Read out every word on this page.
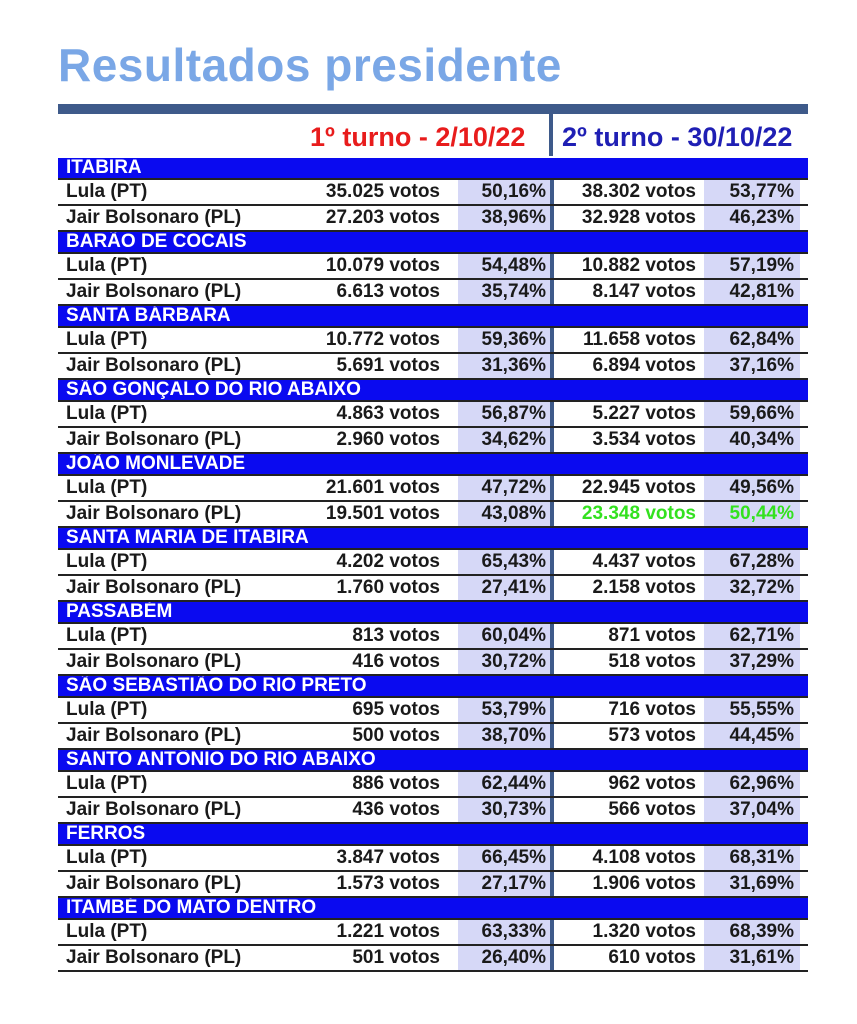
Resultados presidente
1º turno - 2/10/22 2º turno - 30/10/22
ITABIRA
Lula (PT)	35.025 votos	50,16%	38.302 votos	53,77%
Jair Bolsonaro (PL)	27.203 votos	38,96%	32.928 votos	46,23%
BARÃO DE COCAIS
Lula (PT)	10.079 votos	54,48%	10.882 votos	57,19%
Jair Bolsonaro (PL)	6.613 votos	35,74%	8.147 votos	42,81%
SANTA BÁRBARA
Lula (PT)	10.772 votos	59,36%	11.658 votos	62,84%
Jair Bolsonaro (PL)	5.691 votos	31,36%	6.894 votos	37,16%
SÃO GONÇALO DO RIO ABAIXO
Lula (PT)	4.863 votos	56,87%	5.227 votos	59,66%
Jair Bolsonaro (PL)	2.960 votos	34,62%	3.534 votos	40,34%
JOÃO MONLEVADE
Lula (PT)	21.601 votos	47,72%	22.945 votos	49,56%
Jair Bolsonaro (PL)	19.501 votos	43,08%	23.348 votos	50,44%
SANTA MARIA DE ITABIRA
Lula (PT)	4.202 votos	65,43%	4.437 votos	67,28%
Jair Bolsonaro (PL)	1.760 votos	27,41%	2.158 votos	32,72%
PASSABÉM
Lula (PT)	813 votos	60,04%	871 votos	62,71%
Jair Bolsonaro (PL)	416 votos	30,72%	518 votos	37,29%
SÃO SEBASTIÃO DO RIO PRETO
Lula (PT)	695 votos	53,79%	716 votos	55,55%
Jair Bolsonaro (PL)	500 votos	38,70%	573 votos	44,45%
SANTO ANTÔNIO DO RIO ABAIXO
Lula (PT)	886 votos	62,44%	962 votos	62,96%
Jair Bolsonaro (PL)	436 votos	30,73%	566 votos	37,04%
FERROS
Lula (PT)	3.847 votos	66,45%	4.108 votos	68,31%
Jair Bolsonaro (PL)	1.573 votos	27,17%	1.906 votos	31,69%
ITAMBÉ DO MATO DENTRO
Lula (PT)	1.221 votos	63,33%	1.320 votos	68,39%
Jair Bolsonaro (PL)	501 votos	26,40%	610 votos	31,61%
